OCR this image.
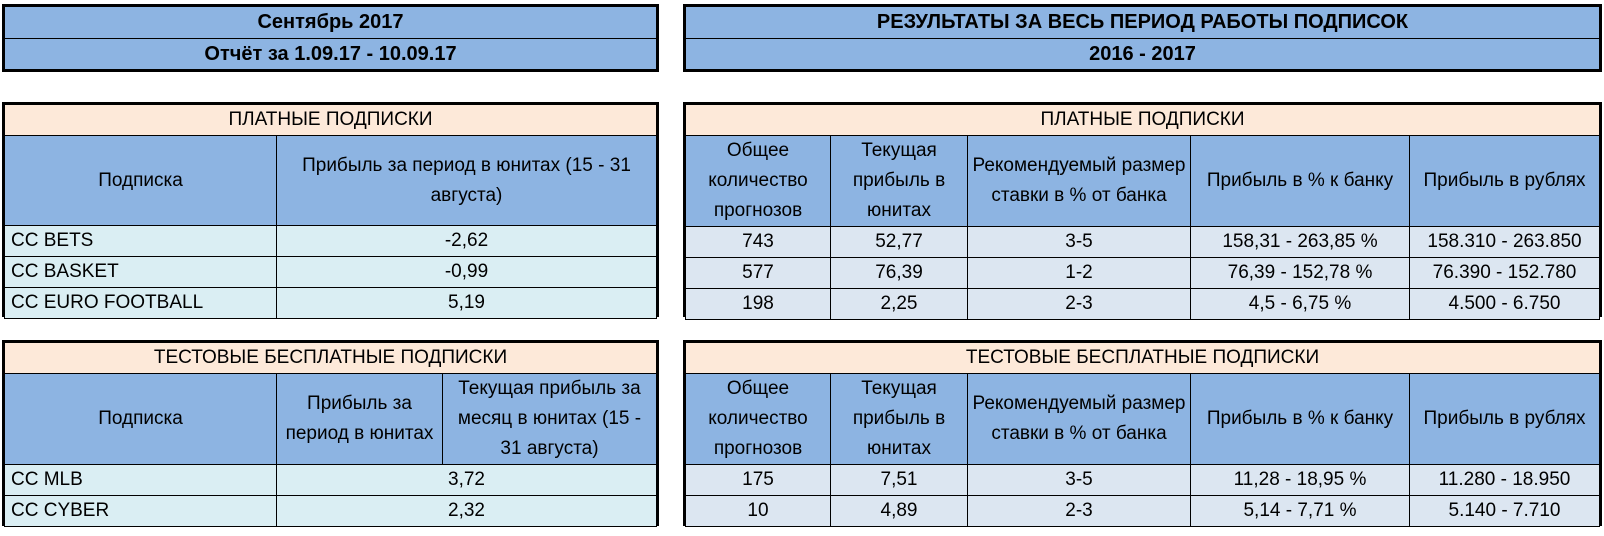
Сентябрь 2017
Отчёт за 1.09.17 - 10.09.17
РЕЗУЛЬТАТЫ ЗА ВЕСЬ ПЕРИОД РАБОТЫ ПОДПИСОК
2016 - 2017
ПЛАТНЫЕ ПОДПИСКИ	
Подписка	Прибыль за период в юнитах (15 - 31 августа)
CC BETS	-2,62
CC BASKET	-0,99
CC EURO FOOTBALL	5,19
ПЛАТНЫЕ ПОДПИСКИ				
Общее количество прогнозов	Текущая прибыль в юнитах	Рекомендуемый размер ставки в % от банка	Прибыль в % к банку	Прибыль в рублях
743	52,77	3-5	158,31 - 263,85 %	158.310 - 263.850
577	76,39	1-2	76,39 - 152,78 %	76.390 - 152.780
198	2,25	2-3	4,5 - 6,75 %	4.500 - 6.750
ТЕСТОВЫЕ БЕСПЛАТНЫЕ ПОДПИСКИ		
Подписка	Прибыль за период в юнитах	Текущая прибыль за месяц в юнитах (15 - 31 августа)
CC MLB	3,72	
CC CYBER	2,32	
ТЕСТОВЫЕ БЕСПЛАТНЫЕ ПОДПИСКИ				
Общее количество прогнозов	Текущая прибыль в юнитах	Рекомендуемый размер ставки в % от банка	Прибыль в % к банку	Прибыль в рублях
175	7,51	3-5	11,28 - 18,95 %	11.280 - 18.950
10	4,89	2-3	5,14 - 7,71 %	5.140 - 7.710
